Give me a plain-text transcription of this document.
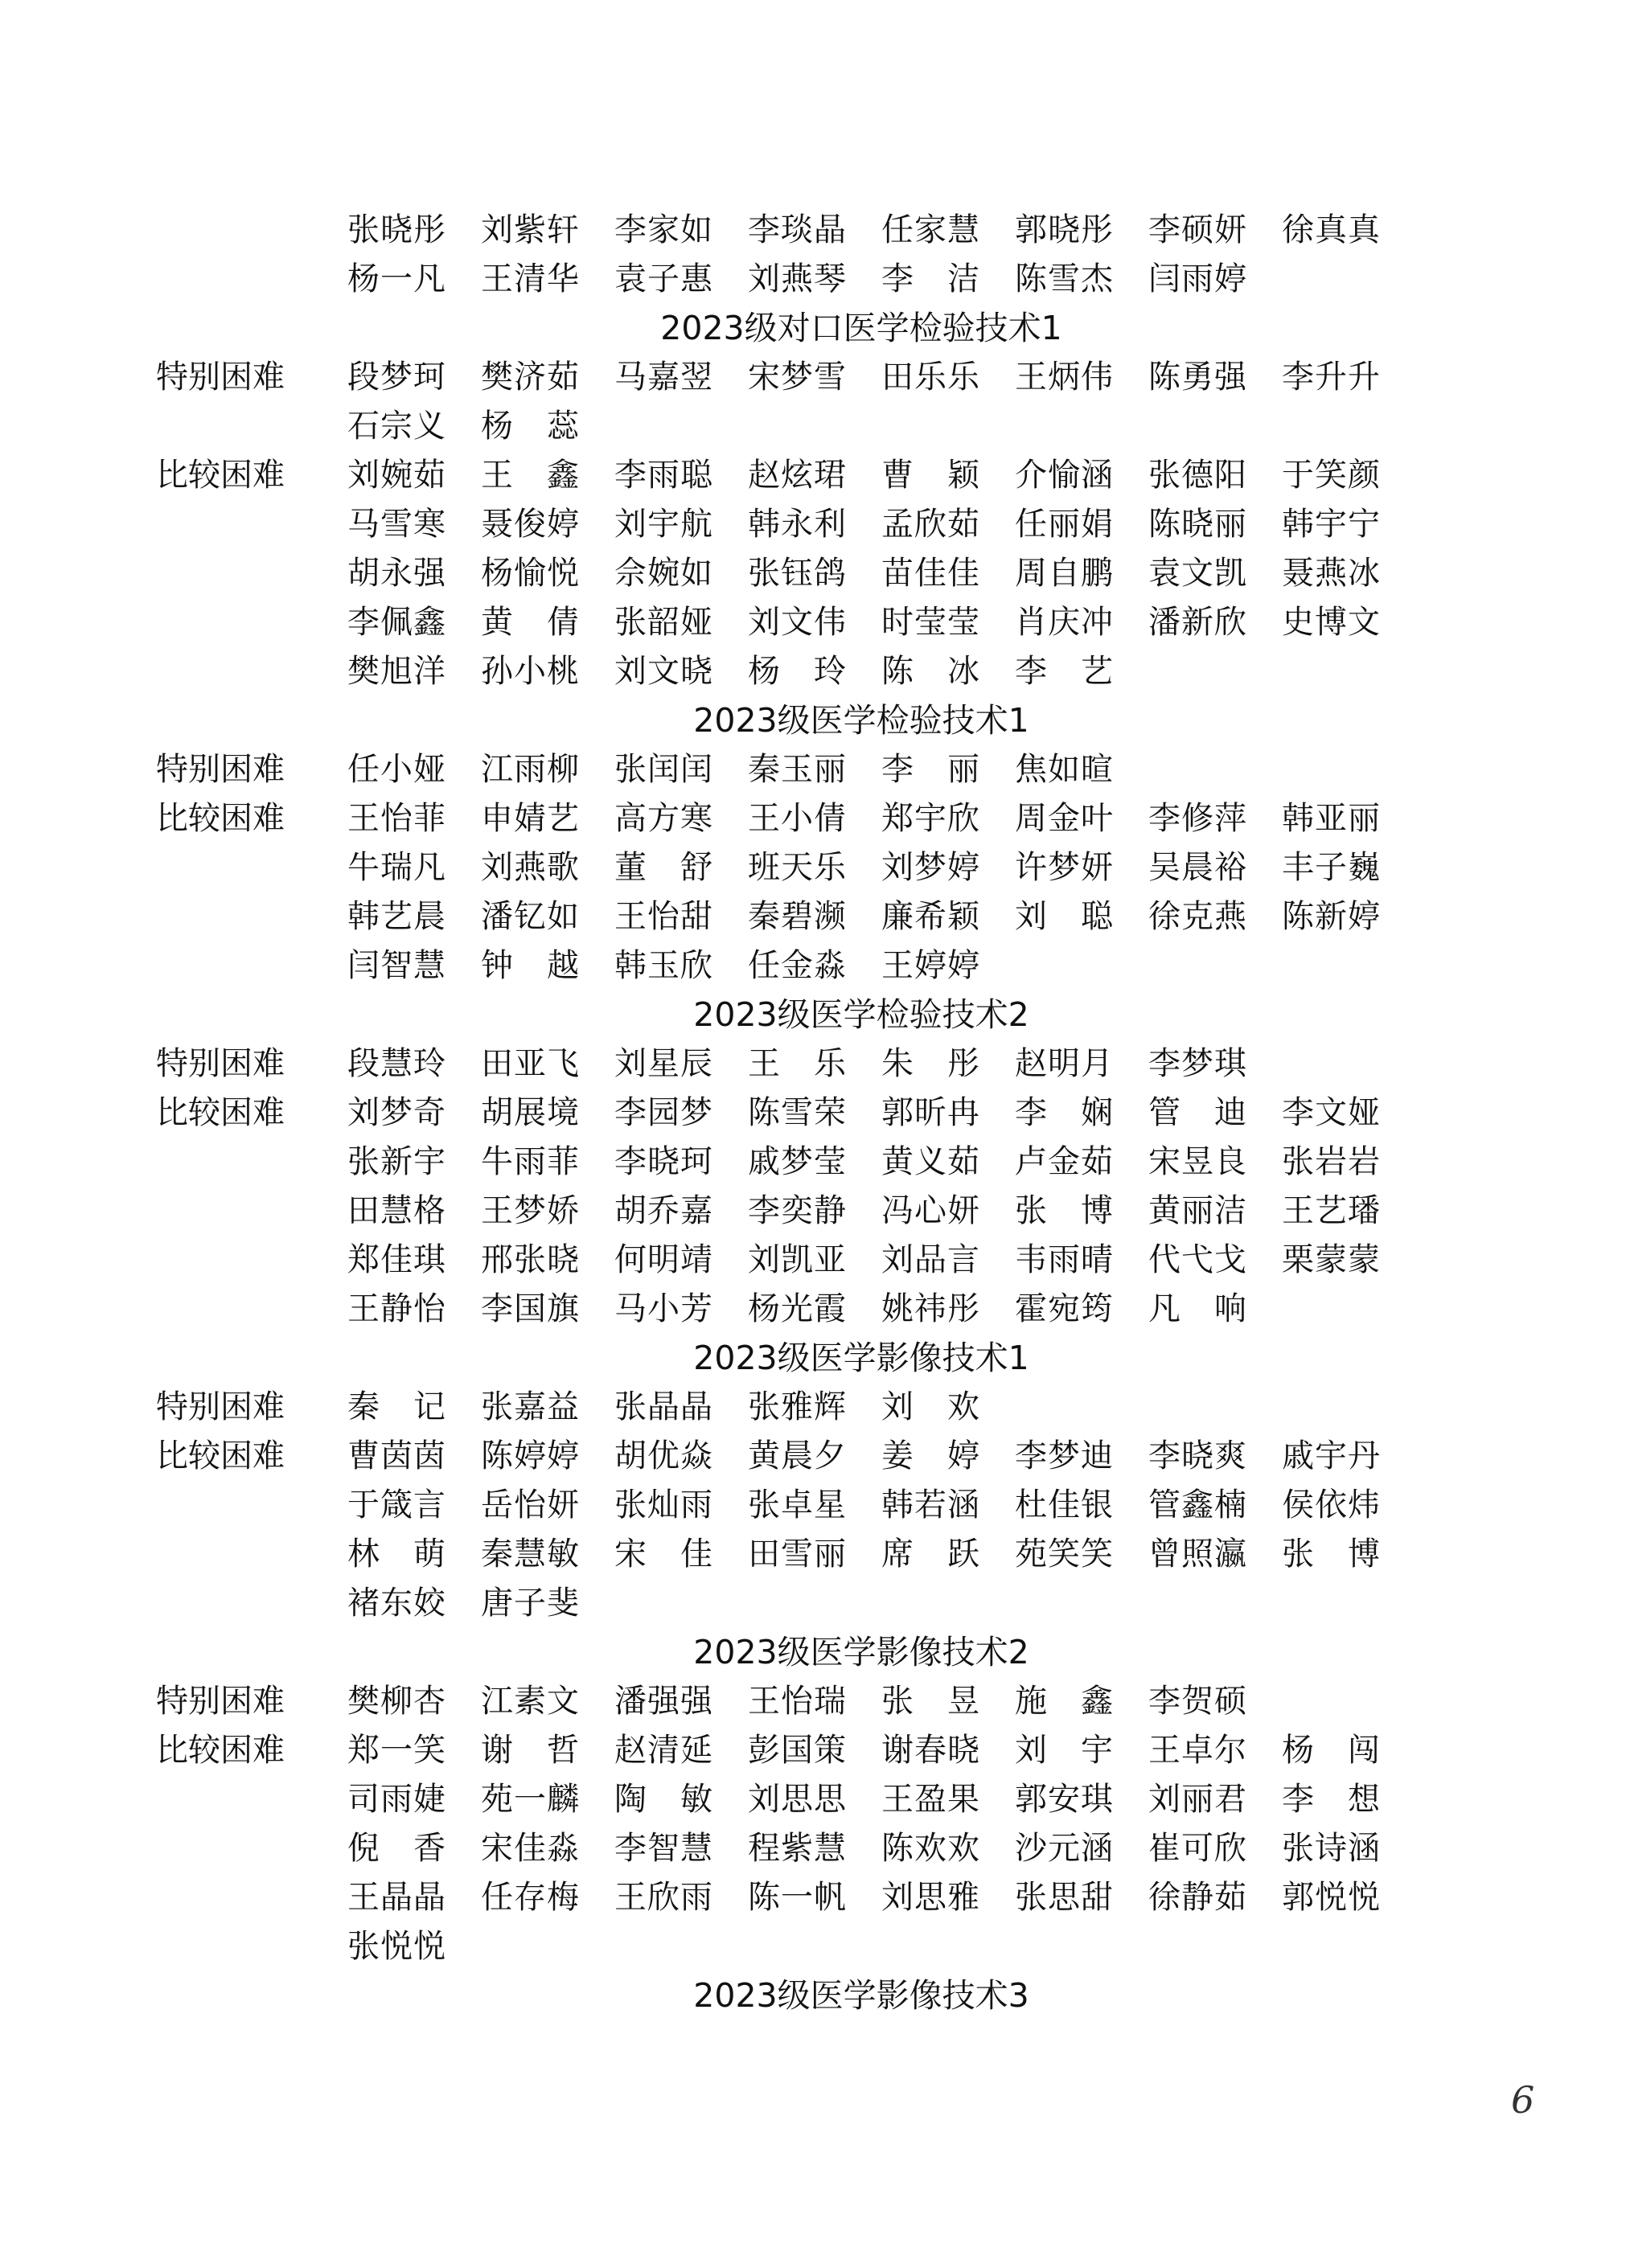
张晓彤	刘紫轩	李家如	李琰晶	任家慧	郭晓彤	李硕妍	徐真真
杨一凡	王清华	袁子惠	刘燕琴	李 洁	陈雪杰	闫雨婷
2023级对口医学检验技术1
特别困难 段梦珂	樊济茹	马嘉翌	宋梦雪	田乐乐	王炳伟	陈勇强	李升升
石宗义	杨 蕊
比较困难 刘婉茹	王 鑫	李雨聪	赵炫珺	曹 颖	介愉涵	张德阳	于笑颜
马雪寒	聂俊婷	刘宇航	韩永利	孟欣茹	任丽娟	陈晓丽	韩宇宁
胡永强	杨愉悦	佘婉如	张钰鸽	苗佳佳	周自鹏	袁文凯	聂燕冰
李佩鑫	黄 倩	张韶娅	刘文伟	时莹莹	肖庆冲	潘新欣	史博文
樊旭洋	孙小桃	刘文晓	杨 玲	陈 冰	李 艺
2023级医学检验技术1
特别困难 任小娅	江雨柳	张闰闰	秦玉丽	李 丽	焦如暄
比较困难 王怡菲	申婧艺	高方寒	王小倩	郑宇欣	周金叶	李修萍	韩亚丽
牛瑞凡	刘燕歌	董 舒	班天乐	刘梦婷	许梦妍	吴晨裕	丰子巍
韩艺晨	潘钇如	王怡甜	秦碧濒	廉希颖	刘 聪	徐克燕	陈新婷
闫智慧	钟 越	韩玉欣	任金淼	王婷婷
2023级医学检验技术2
特别困难 段慧玲	田亚飞	刘星辰	王 乐	朱 彤	赵明月	李梦琪
比较困难 刘梦奇	胡展境	李园梦	陈雪荣	郭昕冉	李 娴	管 迪	李文娅
张新宇	牛雨菲	李晓珂	戚梦莹	黄义茹	卢金茹	宋昱良	张岩岩
田慧格	王梦娇	胡乔嘉	李奕静	冯心妍	张 博	黄丽洁	王艺璠
郑佳琪	邢张晓	何明靖	刘凯亚	刘品言	韦雨晴	代弋戈	栗蒙蒙
王静怡	李国旗	马小芳	杨光霞	姚祎彤	霍宛筠	凡 响
2023级医学影像技术1
特别困难 秦 记	张嘉益	张晶晶	张雅辉	刘 欢
比较困难 曹茵茵	陈婷婷	胡优焱	黄晨夕	姜 婷	李梦迪	李晓爽	戚宇丹
于箴言	岳怡妍	张灿雨	张卓星	韩若涵	杜佳银	管鑫楠	侯依炜
林 萌	秦慧敏	宋 佳	田雪丽	席 跃	苑笑笑	曾照瀛	张 博
褚东姣	唐子斐
2023级医学影像技术2
特别困难 樊柳杏	江素文	潘强强	王怡瑞	张 昱	施 鑫	李贺硕
比较困难 郑一笑	谢 哲	赵清延	彭国策	谢春晓	刘 宇	王卓尔	杨 闯
司雨婕	苑一麟	陶 敏	刘思思	王盈果	郭安琪	刘丽君	李 想
倪 香	宋佳淼	李智慧	程紫慧	陈欢欢	沙元涵	崔可欣	张诗涵
王晶晶	任存梅	王欣雨	陈一帆	刘思雅	张思甜	徐静茹	郭悦悦
张悦悦
2023级医学影像技术3
6
